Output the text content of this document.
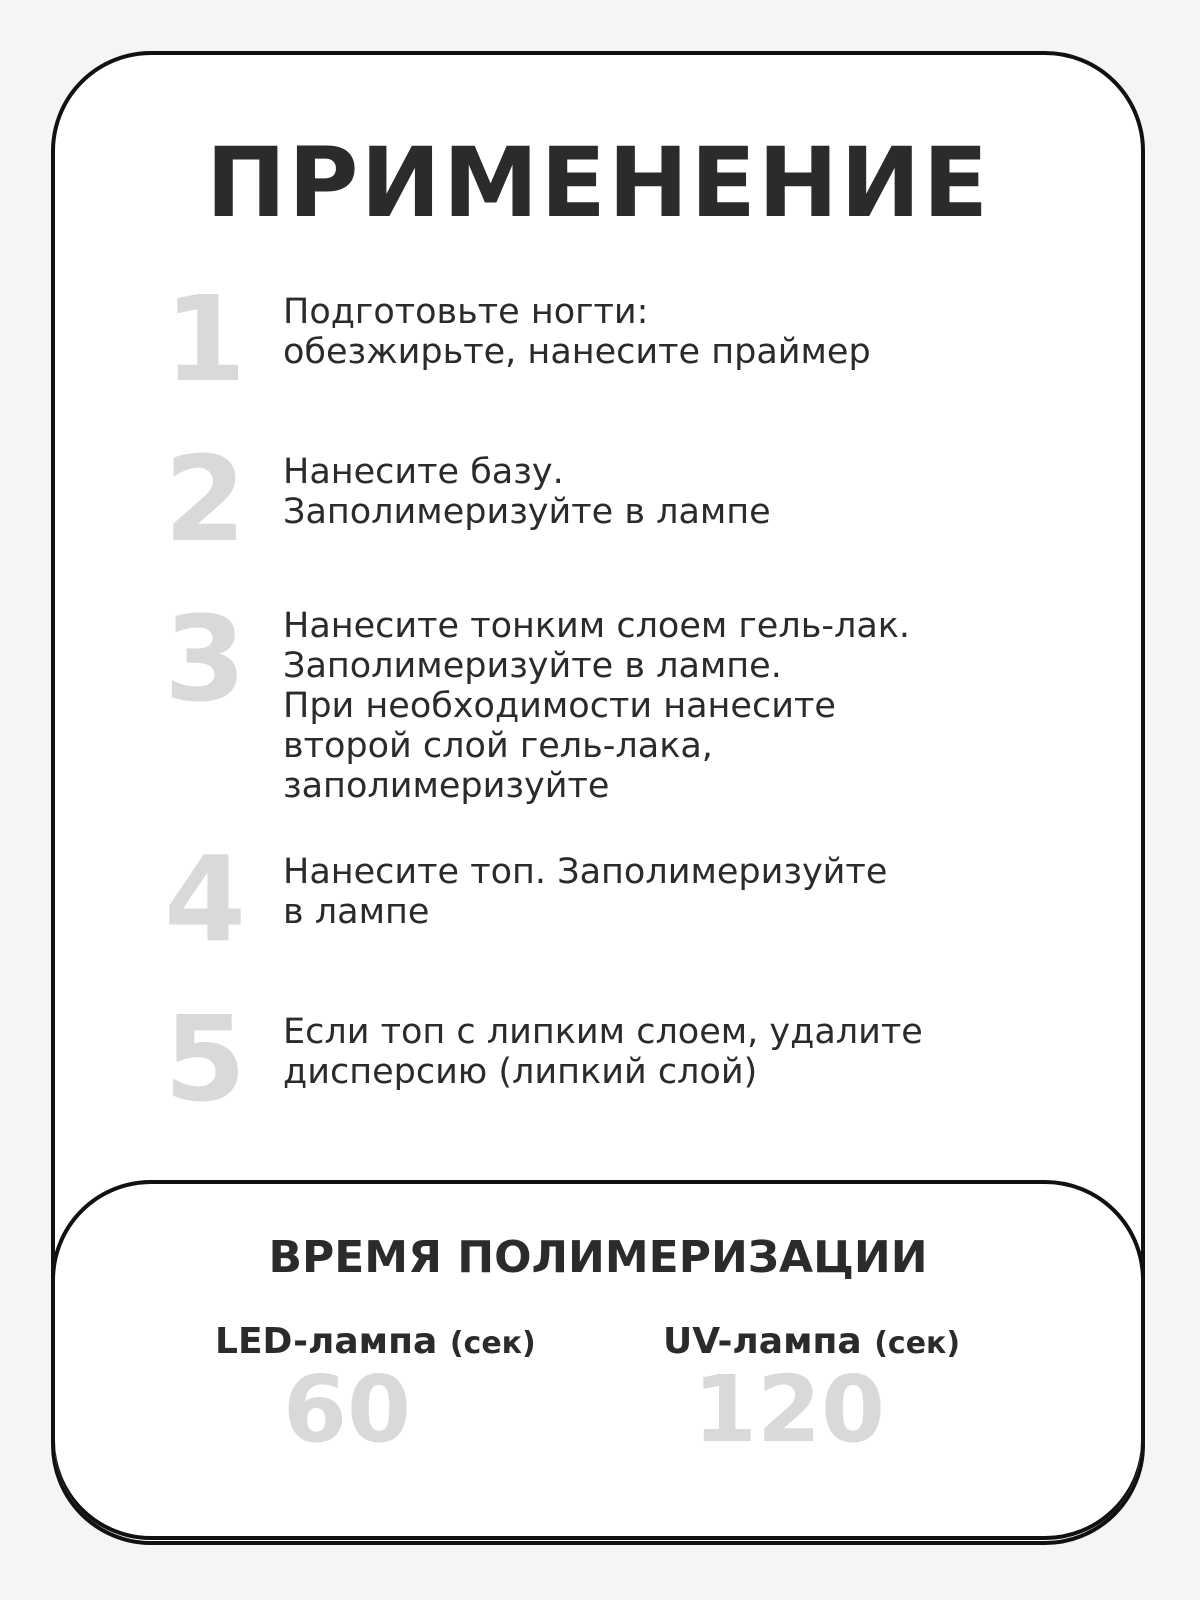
ПРИМЕНЕНИЕ
1 Подготовьте ногти:
обезжирьте, нанесите праймер
2 Нанесите базу.
Заполимеризуйте в лампе
3 Нанесите тонким слоем гель-лак.
Заполимеризуйте в лампе.
При необходимости нанесите
второй слой гель-лака,
заполимеризуйте
4 Нанесите топ. Заполимеризуйте
в лампе
5 Если топ с липким слоем, удалите
дисперсию (липкий слой)
ВРЕМЯ ПОЛИМЕРИЗАЦИИ
LED-лампа (сек)
60
UV-лампа (сек)
120
